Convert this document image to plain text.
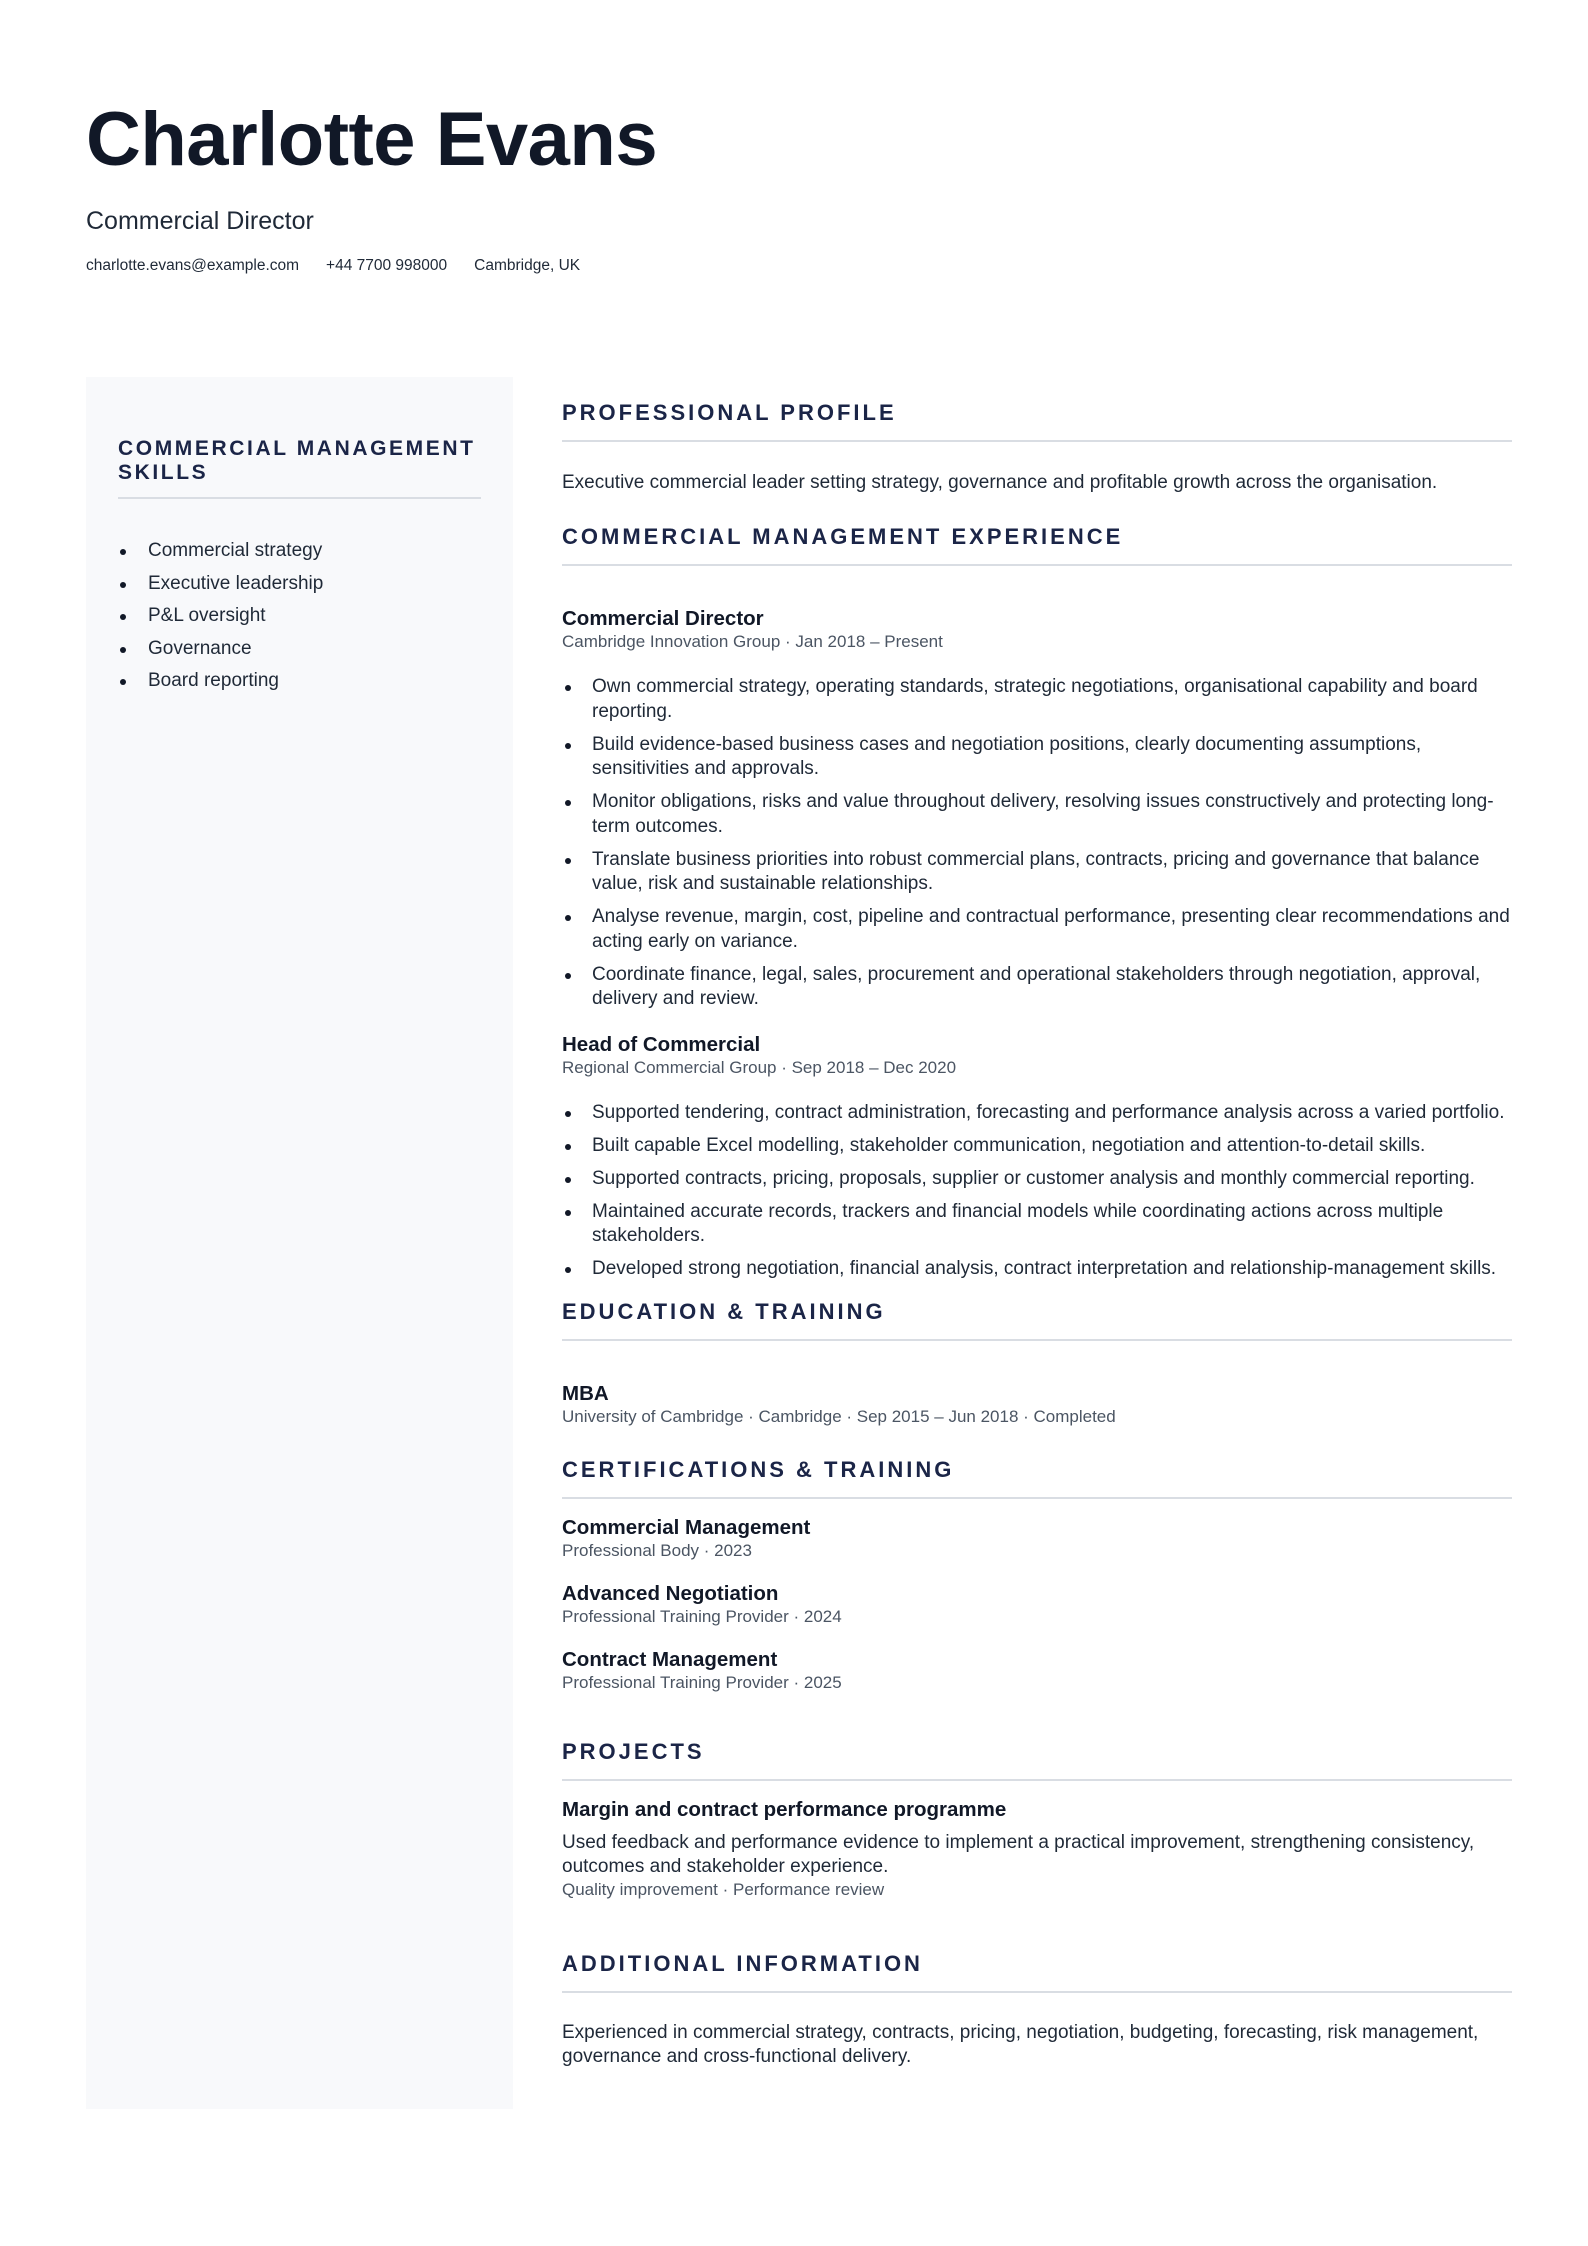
Charlotte Evans
Commercial Director
charlotte.evans@example.com +44 7700 998000 Cambridge, UK
COMMERCIAL MANAGEMENT SKILLS
Commercial strategy
Executive leadership
P&L oversight
Governance
Board reporting
PROFESSIONAL PROFILE

Executive commercial leader setting strategy, governance and profitable growth across the organisation.

COMMERCIAL MANAGEMENT EXPERIENCE
Commercial Director
Cambridge Innovation Group · Jan 2018 – Present
Own commercial strategy, operating standards, strategic negotiations, organisational capability and board reporting.
Build evidence-based business cases and negotiation positions, clearly documenting assumptions, sensitivities and approvals.
Monitor obligations, risks and value throughout delivery, resolving issues constructively and protecting long-term outcomes.
Translate business priorities into robust commercial plans, contracts, pricing and governance that balance value, risk and sustainable relationships.
Analyse revenue, margin, cost, pipeline and contractual performance, presenting clear recommendations and acting early on variance.
Coordinate finance, legal, sales, procurement and operational stakeholders through negotiation, approval, delivery and review.
Head of Commercial
Regional Commercial Group · Sep 2018 – Dec 2020
Supported tendering, contract administration, forecasting and performance analysis across a varied portfolio.
Built capable Excel modelling, stakeholder communication, negotiation and attention-to-detail skills.
Supported contracts, pricing, proposals, supplier or customer analysis and monthly commercial reporting.
Maintained accurate records, trackers and financial models while coordinating actions across multiple stakeholders.
Developed strong negotiation, financial analysis, contract interpretation and relationship-management skills.
EDUCATION & TRAINING
MBA
University of Cambridge · Cambridge · Sep 2015 – Jun 2018 · Completed
CERTIFICATIONS & TRAINING
Commercial Management
Professional Body · 2023
Advanced Negotiation
Professional Training Provider · 2024
Contract Management
Professional Training Provider · 2025
PROJECTS
Margin and contract performance programme

Used feedback and performance evidence to implement a practical improvement, strengthening consistency, outcomes and stakeholder experience.

Quality improvement · Performance review
ADDITIONAL INFORMATION

Experienced in commercial strategy, contracts, pricing, negotiation, budgeting, forecasting, risk management, governance and cross-functional delivery.
